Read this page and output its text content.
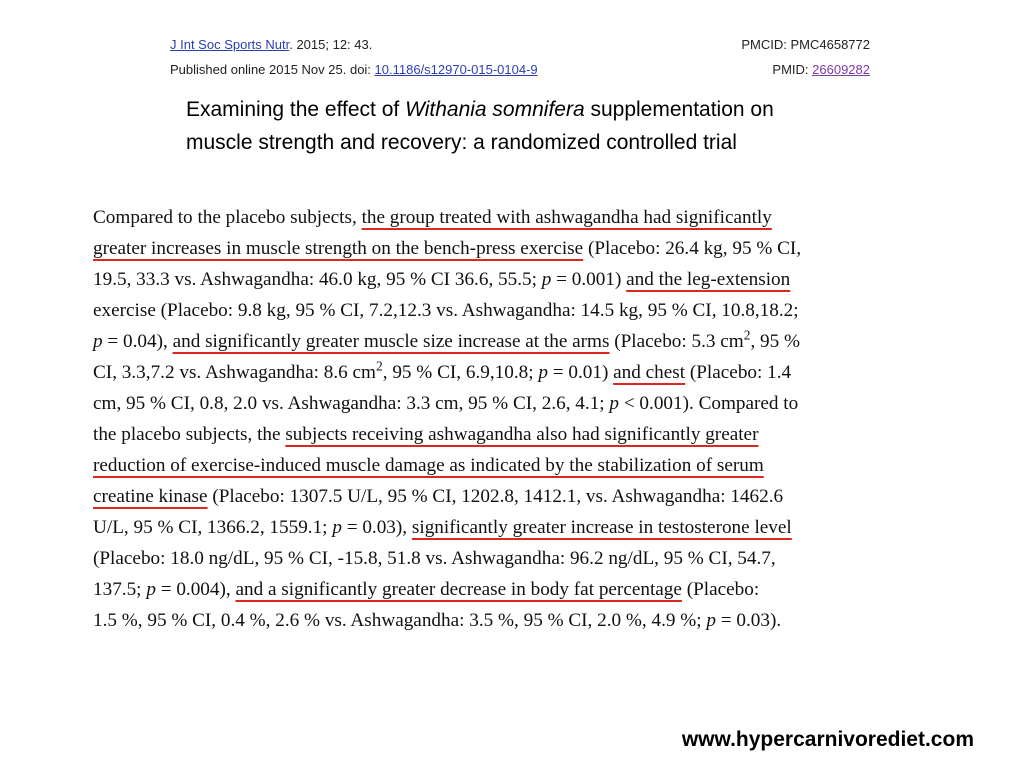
J Int Soc Sports Nutr. 2015; 12: 43.	PMCID: PMC4658772
Published online 2015 Nov 25. doi: 10.1186/s12970-015-0104-9	PMID: 26609282
Examining the effect of Withania somnifera supplementation on
muscle strength and recovery: a randomized controlled trial
Compared to the placebo subjects, the group treated with ashwagandha had significantly
greater increases in muscle strength on the bench-press exercise (Placebo: 26.4 kg, 95 % CI,
19.5, 33.3 vs. Ashwagandha: 46.0 kg, 95 % CI 36.6, 55.5; p = 0.001) and the leg-extension
exercise (Placebo: 9.8 kg, 95 % CI, 7.2,12.3 vs. Ashwagandha: 14.5 kg, 95 % CI, 10.8,18.2;
p = 0.04), and significantly greater muscle size increase at the arms (Placebo: 5.3 $cm^2$, 95 %
CI, 3.3,7.2 vs. Ashwagandha: 8.6 $cm^2$, 95 % CI, 6.9,10.8; p = 0.01) and chest (Placebo: 1.4
cm, 95 % CI, 0.8, 2.0 vs. Ashwagandha: 3.3 cm, 95 % CI, 2.6, 4.1; p < 0.001). Compared to
the placebo subjects, the subjects receiving ashwagandha also had significantly greater
reduction of exercise-induced muscle damage as indicated by the stabilization of serum
creatine kinase (Placebo: 1307.5 U/L, 95 % CI, 1202.8, 1412.1, vs. Ashwagandha: 1462.6
U/L, 95 % CI, 1366.2, 1559.1; p = 0.03), significantly greater increase in testosterone level
(Placebo: 18.0 ng/dL, 95 % CI, -15.8, 51.8 vs. Ashwagandha: 96.2 ng/dL, 95 % CI, 54.7,
137.5; p = 0.004), and a significantly greater decrease in body fat percentage (Placebo:
1.5 %, 95 % CI, 0.4 %, 2.6 % vs. Ashwagandha: 3.5 %, 95 % CI, 2.0 %, 4.9 %; p = 0.03).
www.hypercarnivorediet.com
